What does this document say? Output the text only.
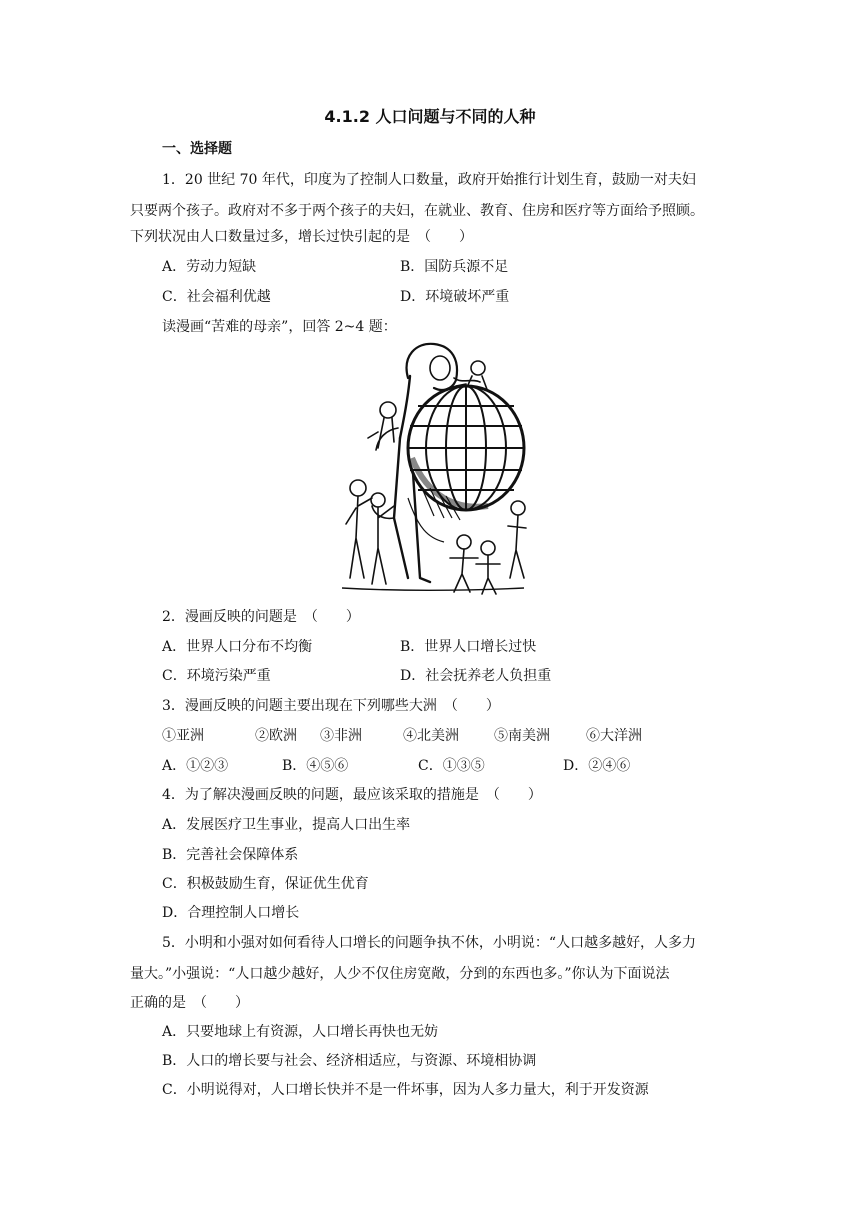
4.1.2 人口问题与不同的人种
一、选择题
1．20 世纪 70 年代，印度为了控制人口数量，政府开始推行计划生育，鼓励一对夫妇
只要两个孩子。政府对不多于两个孩子的夫妇，在就业、教育、住房和医疗等方面给予照顾。
下列状况由人口数量过多，增长过快引起的是　（　　）
A．劳动力短缺	B．国防兵源不足
C．社会福利优越	D．环境破坏严重
读漫画“苦难的母亲”，回答 2~4 题：
2．漫画反映的问题是　（　　）
A．世界人口分布不均衡	B．世界人口增长过快
C．环境污染严重	D．社会抚养老人负担重
3．漫画反映的问题主要出现在下列哪些大洲　（　　）
①亚洲	②欧洲 ③非洲	④北美洲	⑤南美洲	⑥大洋洲
A．①②③	B．④⑤⑥	C．①③⑤	D．②④⑥
4．为了解决漫画反映的问题，最应该采取的措施是　（　　）
A．发展医疗卫生事业，提高人口出生率
B．完善社会保障体系
C．积极鼓励生育，保证优生优育
D．合理控制人口增长
5．小明和小强对如何看待人口增长的问题争执不休，小明说：“人口越多越好，人多力
量大。”小强说：“人口越少越好，人少不仅住房宽敞，分到的东西也多。”你认为下面说法
正确的是　（　　）
A．只要地球上有资源，人口增长再快也无妨
B．人口的增长要与社会、经济相适应，与资源、环境相协调
C．小明说得对，人口增长快并不是一件坏事，因为人多力量大，利于开发资源
